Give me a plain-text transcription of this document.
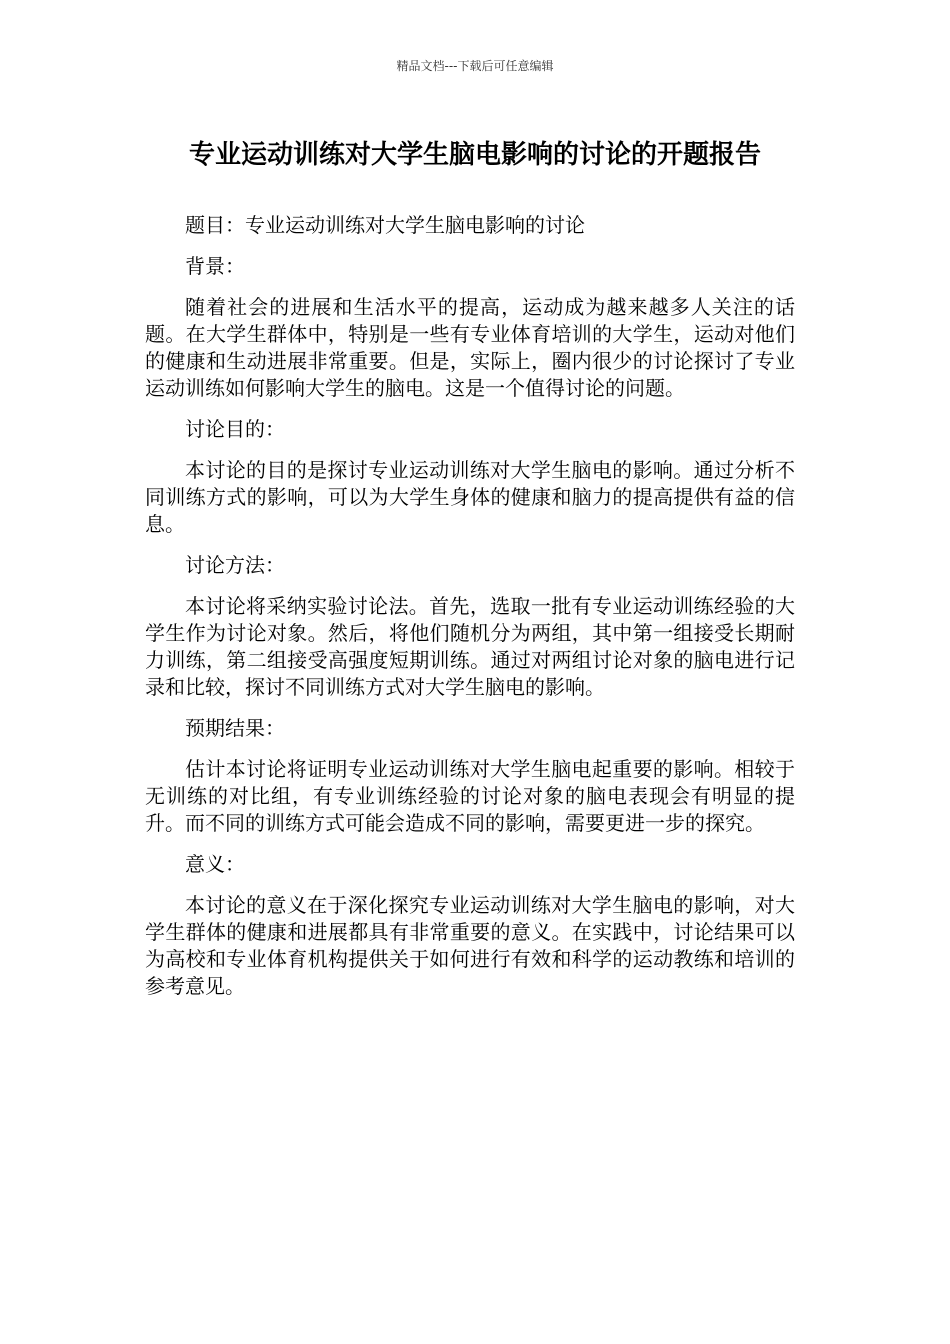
精品文档---下载后可任意编辑
专业运动训练对大学生脑电影响的讨论的开题报告
题目：专业运动训练对大学生脑电影响的讨论
背景：

随着社会的进展和生活水平的提高，运动成为越来越多人关注的话题。在大学生群体中，特别是一些有专业体育培训的大学生，运动对他们的健康和生动进展非常重要。但是，实际上，圈内很少的讨论探讨了专业运动训练如何影响大学生的脑电。这是一个值得讨论的问题。

讨论目的：

本讨论的目的是探讨专业运动训练对大学生脑电的影响。通过分析不同训练方式的影响，可以为大学生身体的健康和脑力的提高提供有益的信息。

讨论方法：

本讨论将采纳实验讨论法。首先，选取一批有专业运动训练经验的大学生作为讨论对象。然后，将他们随机分为两组，其中第一组接受长期耐力训练，第二组接受高强度短期训练。通过对两组讨论对象的脑电进行记录和比较，探讨不同训练方式对大学生脑电的影响。

预期结果：

估计本讨论将证明专业运动训练对大学生脑电起重要的影响。相较于无训练的对比组，有专业训练经验的讨论对象的脑电表现会有明显的提升。而不同的训练方式可能会造成不同的影响，需要更进一步的探究。

意义：

本讨论的意义在于深化探究专业运动训练对大学生脑电的影响，对大学生群体的健康和进展都具有非常重要的意义。在实践中，讨论结果可以为高校和专业体育机构提供关于如何进行有效和科学的运动教练和培训的参考意见。
